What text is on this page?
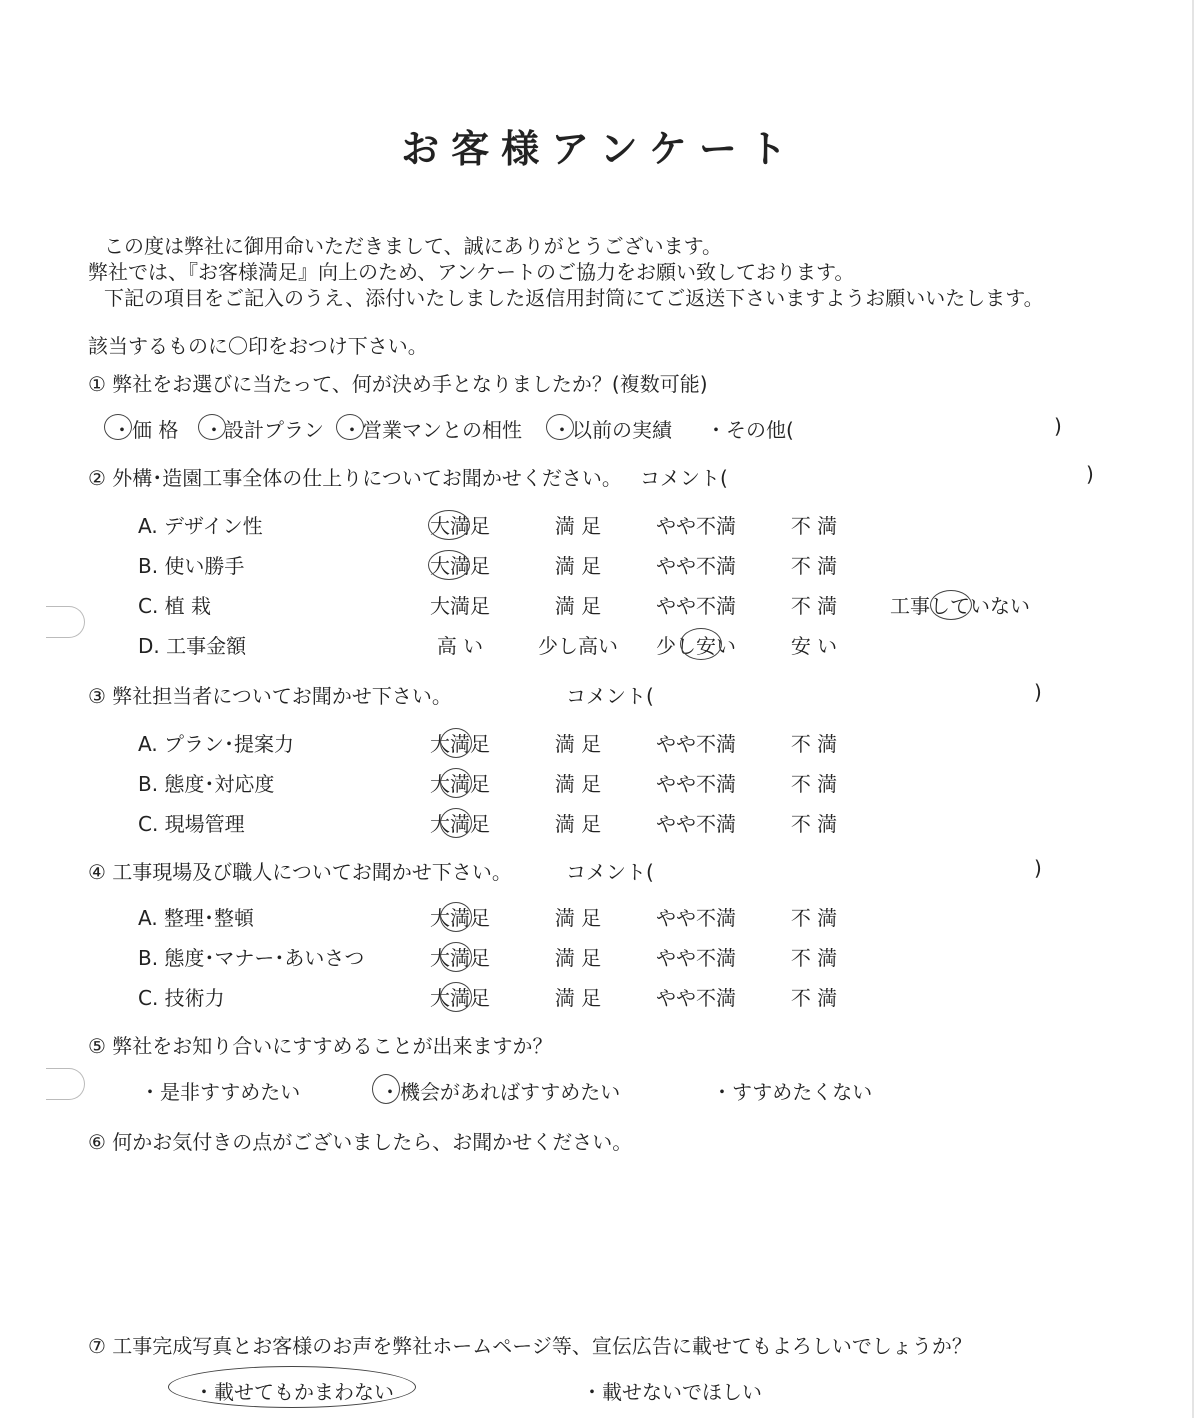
お客様アンケート
この度は弊社に御用命いただきまして、誠にありがとうございます。
弊社では、『お客様満足』向上のため、アンケートのご協力をお願い致しております。
下記の項目をご記入のうえ、添付いたしました返信用封筒にてご返送下さいますようお願いいたします。
該当するものに〇印をおつけ下さい。
① 弊社をお選びに当たって、何が決め手となりましたか？(複数可能)
・価 格 ・設計プラン ・営業マンとの相性 ・以前の実績 ・その他(	)
② 外構･造園工事全体の仕上りについてお聞かせください。 コメント(	)
A. デザイン性	大満足	満 足	やや不満	不 満
B. 使い勝手	大満足	満 足	やや不満	不 満
C. 植 栽	大満足	満 足	やや不満	不 満	工事していない
D. 工事金額	高 い	少し高い	少し安い	安 い
③ 弊社担当者についてお聞かせ下さい。	コメント(	)
A. プラン･提案力	大満足	満 足	やや不満	不 満
B. 態度･対応度	大満足	満 足	やや不満	不 満
C. 現場管理	大満足	満 足	やや不満	不 満
④ 工事現場及び職人についてお聞かせ下さい。	コメント(	)
A. 整理･整頓	大満足	満 足	やや不満	不 満
B. 態度･マナー･あいさつ	大満足	満 足	やや不満	不 満
C. 技術力	大満足	満 足	やや不満	不 満
⑤ 弊社をお知り合いにすすめることが出来ますか？
・是非すすめたい	・機会があればすすめたい	・すすめたくない
⑥ 何かお気付きの点がございましたら、お聞かせください。
⑦ 工事完成写真とお客様のお声を弊社ホームページ等、宣伝広告に載せてもよろしいでしょうか？
・載せてもかまわない	・載せないでほしい
